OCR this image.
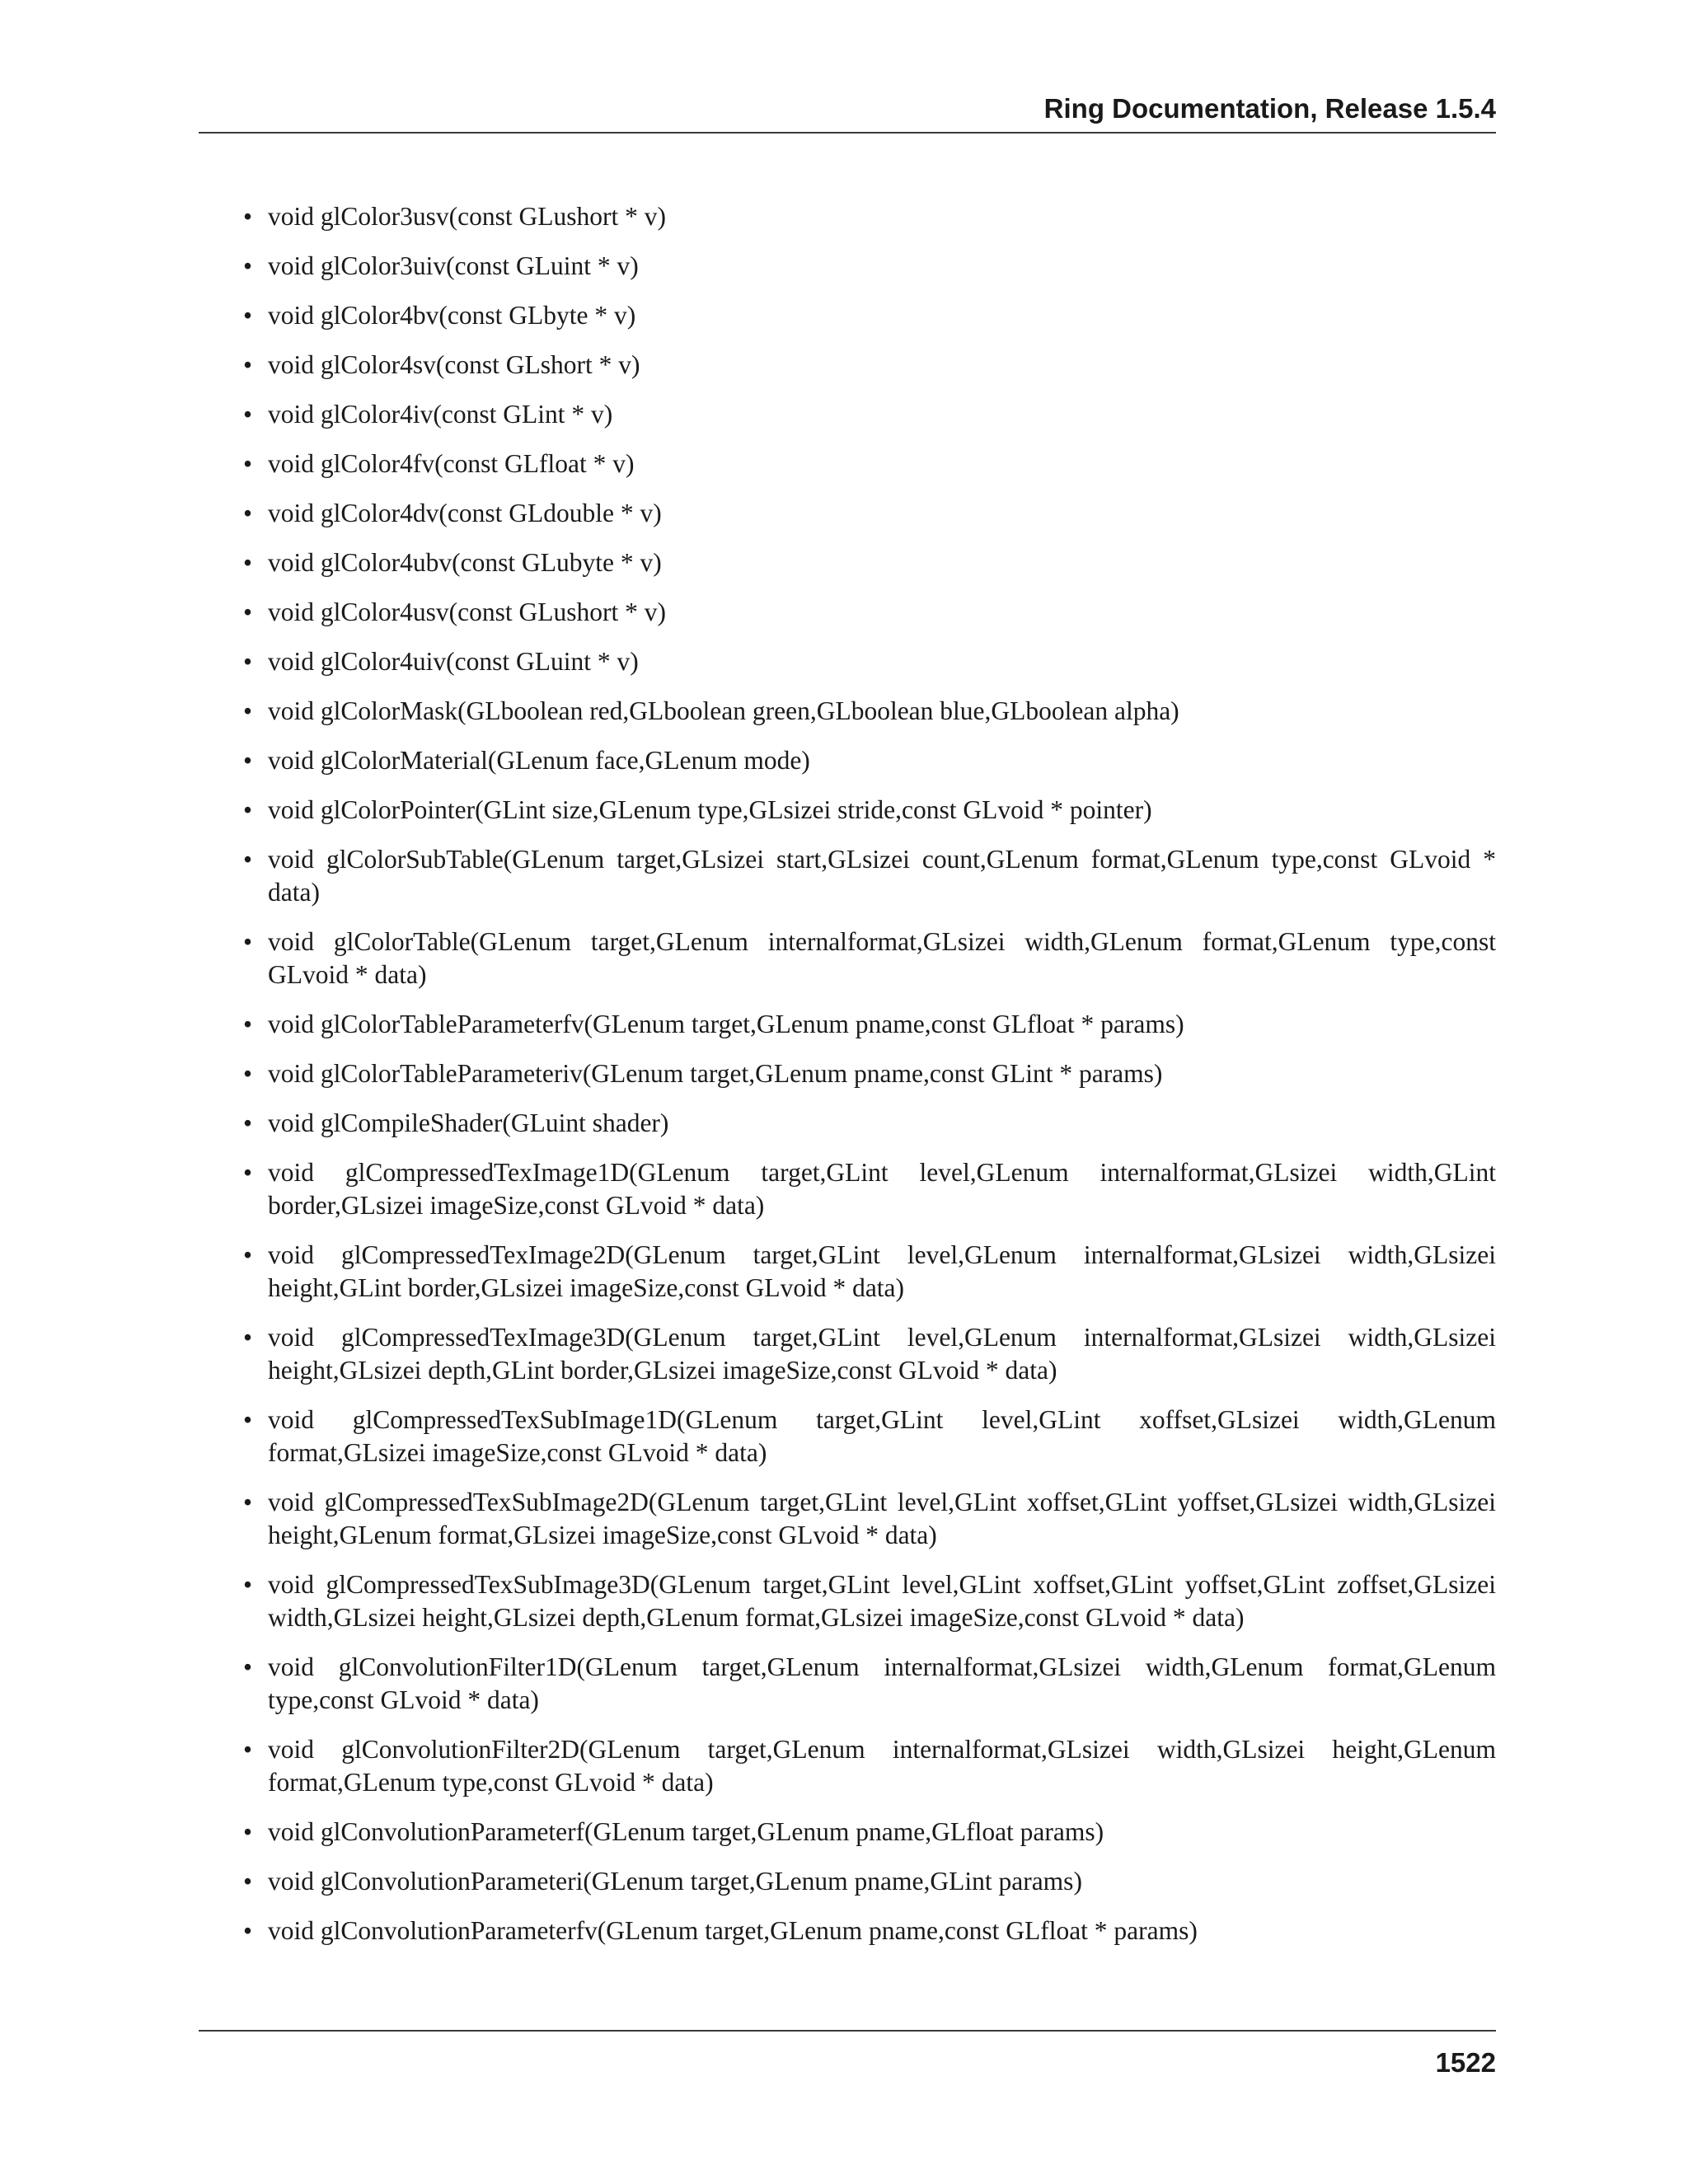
Ring Documentation, Release 1.5.4
• void glColor3usv(const GLushort * v)
• void glColor3uiv(const GLuint * v)
• void glColor4bv(const GLbyte * v)
• void glColor4sv(const GLshort * v)
• void glColor4iv(const GLint * v)
• void glColor4fv(const GLfloat * v)
• void glColor4dv(const GLdouble * v)
• void glColor4ubv(const GLubyte * v)
• void glColor4usv(const GLushort * v)
• void glColor4uiv(const GLuint * v)
• void glColorMask(GLboolean red,GLboolean green,GLboolean blue,GLboolean alpha)
• void glColorMaterial(GLenum face,GLenum mode)
• void glColorPointer(GLint size,GLenum type,GLsizei stride,const GLvoid * pointer)
• void glColorSubTable(GLenum target,GLsizei start,GLsizei count,GLenum format,GLenum type,const GLvoid * data)
• void glColorTable(GLenum target,GLenum internalformat,GLsizei width,GLenum format,GLenum type,const GLvoid * data)
• void glColorTableParameterfv(GLenum target,GLenum pname,const GLfloat * params)
• void glColorTableParameteriv(GLenum target,GLenum pname,const GLint * params)
• void glCompileShader(GLuint shader)
• void glCompressedTexImage1D(GLenum target,GLint level,GLenum internalformat,GLsizei width,GLint border,GLsizei imageSize,const GLvoid * data)
• void glCompressedTexImage2D(GLenum target,GLint level,GLenum internalformat,GLsizei width,GLsizei height,GLint border,GLsizei imageSize,const GLvoid * data)
• void glCompressedTexImage3D(GLenum target,GLint level,GLenum internalformat,GLsizei width,GLsizei height,GLsizei depth,GLint border,GLsizei imageSize,const GLvoid * data)
• void glCompressedTexSubImage1D(GLenum target,GLint level,GLint xoffset,GLsizei width,GLenum format,GLsizei imageSize,const GLvoid * data)
• void glCompressedTexSubImage2D(GLenum target,GLint level,GLint xoffset,GLint yoffset,GLsizei width,GLsizei height,GLenum format,GLsizei imageSize,const GLvoid * data)
• void glCompressedTexSubImage3D(GLenum target,GLint level,GLint xoffset,GLint yoffset,GLint zoffset,GLsizei width,GLsizei height,GLsizei depth,GLenum format,GLsizei imageSize,const GLvoid * data)
• void glConvolutionFilter1D(GLenum target,GLenum internalformat,GLsizei width,GLenum format,GLenum type,const GLvoid * data)
• void glConvolutionFilter2D(GLenum target,GLenum internalformat,GLsizei width,GLsizei height,GLenum format,GLenum type,const GLvoid * data)
• void glConvolutionParameterf(GLenum target,GLenum pname,GLfloat params)
• void glConvolutionParameteri(GLenum target,GLenum pname,GLint params)
• void glConvolutionParameterfv(GLenum target,GLenum pname,const GLfloat * params)
1522
